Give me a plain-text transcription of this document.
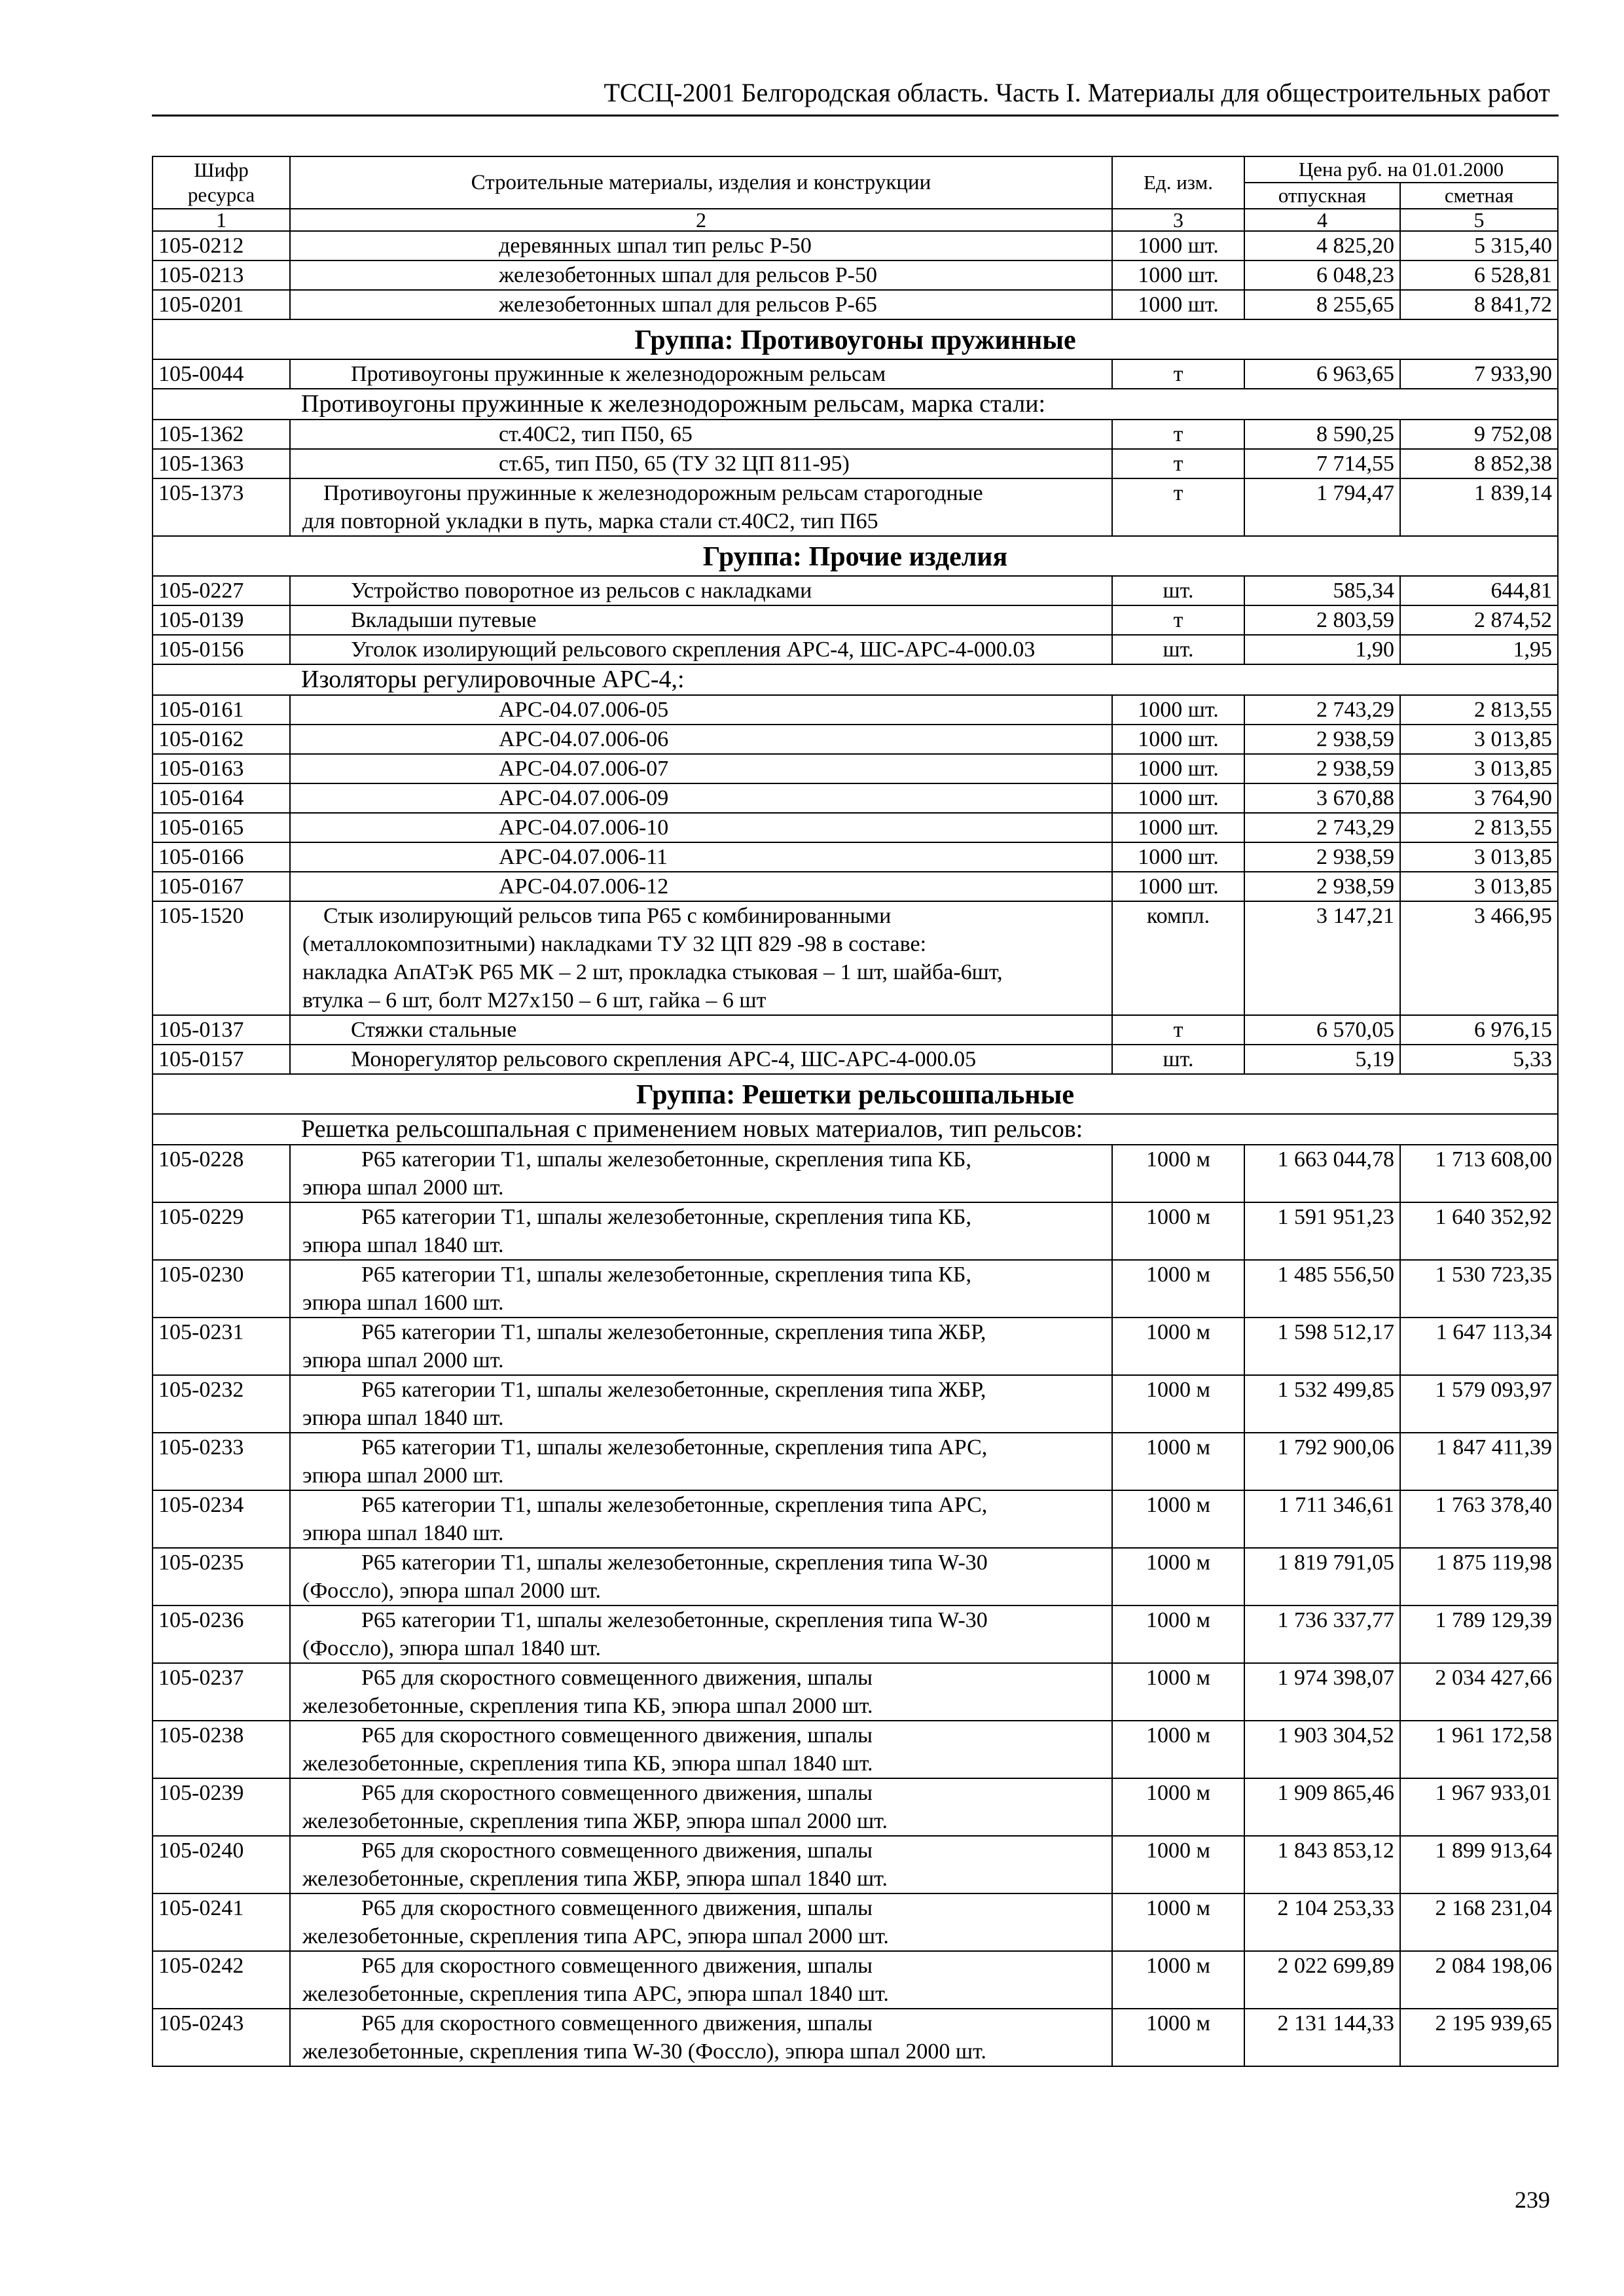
ТССЦ-2001 Белгородская область. Часть I. Материалы для общестроительных работ
Шифр ресурса	Строительные материалы, изделия и конструкции	Ед. изм.	Цена руб. на 01.01.2000	
			отпускная	сметная
1	2	3	4	5
105-0212	деревянных шпал тип рельс Р-50	1000 шт.	4 825,20	5 315,40
105-0213	железобетонных шпал для рельсов Р-50	1000 шт.	6 048,23	6 528,81
105-0201	железобетонных шпал для рельсов Р-65	1000 шт.	8 255,65	8 841,72
Группа: Противоугоны пружинные				
105-0044	Противоугоны пружинные к железнодорожным рельсам	т	6 963,65	7 933,90
Противоугоны пружинные к железнодорожным рельсам, марка стали:				
105-1362	ст.40С2, тип П50, 65	т	8 590,25	9 752,08
105-1363	ст.65, тип П50, 65 (ТУ 32 ЦП 811-95)	т	7 714,55	8 852,38
105-1373	Противоугоны пружинные к железнодорожным рельсам старогодные
для повторной укладки в путь, марка стали ст.40С2, тип П65	т	1 794,47	1 839,14
Группа: Прочие изделия				
105-0227	Устройство поворотное из рельсов с накладками	шт.	585,34	644,81
105-0139	Вкладыши путевые	т	2 803,59	2 874,52
105-0156	Уголок изолирующий рельсового скрепления АРС-4, ШС-АРС-4-000.03	шт.	1,90	1,95
Изоляторы регулировочные АРС-4,:				
105-0161	АРС-04.07.006-05	1000 шт.	2 743,29	2 813,55
105-0162	АРС-04.07.006-06	1000 шт.	2 938,59	3 013,85
105-0163	АРС-04.07.006-07	1000 шт.	2 938,59	3 013,85
105-0164	АРС-04.07.006-09	1000 шт.	3 670,88	3 764,90
105-0165	АРС-04.07.006-10	1000 шт.	2 743,29	2 813,55
105-0166	АРС-04.07.006-11	1000 шт.	2 938,59	3 013,85
105-0167	АРС-04.07.006-12	1000 шт.	2 938,59	3 013,85
105-1520	Стык изолирующий рельсов типа Р65 с комбинированными
(металлокомпозитными) накладками ТУ 32 ЦП 829 -98 в составе:
накладка АпАТэК Р65 МК – 2 шт, прокладка стыковая – 1 шт, шайба-6шт,
втулка – 6 шт, болт М27х150 – 6 шт, гайка – 6 шт	компл.	3 147,21	3 466,95
105-0137	Стяжки стальные	т	6 570,05	6 976,15
105-0157	Монорегулятор рельсового скрепления АРС-4, ШС-АРС-4-000.05	шт.	5,19	5,33
Группа: Решетки рельсошпальные				
Решетка рельсошпальная с применением новых материалов, тип рельсов:				
105-0228	Р65 категории Т1, шпалы железобетонные, скрепления типа КБ,
эпюра шпал 2000 шт.	1000 м	1 663 044,78	1 713 608,00
105-0229	Р65 категории Т1, шпалы железобетонные, скрепления типа КБ,
эпюра шпал 1840 шт.	1000 м	1 591 951,23	1 640 352,92
105-0230	Р65 категории Т1, шпалы железобетонные, скрепления типа КБ,
эпюра шпал 1600 шт.	1000 м	1 485 556,50	1 530 723,35
105-0231	Р65 категории Т1, шпалы железобетонные, скрепления типа ЖБР,
эпюра шпал 2000 шт.	1000 м	1 598 512,17	1 647 113,34
105-0232	Р65 категории Т1, шпалы железобетонные, скрепления типа ЖБР,
эпюра шпал 1840 шт.	1000 м	1 532 499,85	1 579 093,97
105-0233	Р65 категории Т1, шпалы железобетонные, скрепления типа АРС,
эпюра шпал 2000 шт.	1000 м	1 792 900,06	1 847 411,39
105-0234	Р65 категории Т1, шпалы железобетонные, скрепления типа АРС,
эпюра шпал 1840 шт.	1000 м	1 711 346,61	1 763 378,40
105-0235	Р65 категории Т1, шпалы железобетонные, скрепления типа W-30
(Фоссло), эпюра шпал 2000 шт.	1000 м	1 819 791,05	1 875 119,98
105-0236	Р65 категории Т1, шпалы железобетонные, скрепления типа W-30
(Фоссло), эпюра шпал 1840 шт.	1000 м	1 736 337,77	1 789 129,39
105-0237	Р65 для скоростного совмещенного движения, шпалы
железобетонные, скрепления типа КБ, эпюра шпал 2000 шт.	1000 м	1 974 398,07	2 034 427,66
105-0238	Р65 для скоростного совмещенного движения, шпалы
железобетонные, скрепления типа КБ, эпюра шпал 1840 шт.	1000 м	1 903 304,52	1 961 172,58
105-0239	Р65 для скоростного совмещенного движения, шпалы
железобетонные, скрепления типа ЖБР, эпюра шпал 2000 шт.	1000 м	1 909 865,46	1 967 933,01
105-0240	Р65 для скоростного совмещенного движения, шпалы
железобетонные, скрепления типа ЖБР, эпюра шпал 1840 шт.	1000 м	1 843 853,12	1 899 913,64
105-0241	Р65 для скоростного совмещенного движения, шпалы
железобетонные, скрепления типа АРС, эпюра шпал 2000 шт.	1000 м	2 104 253,33	2 168 231,04
105-0242	Р65 для скоростного совмещенного движения, шпалы
железобетонные, скрепления типа АРС, эпюра шпал 1840 шт.	1000 м	2 022 699,89	2 084 198,06
105-0243	Р65 для скоростного совмещенного движения, шпалы
железобетонные, скрепления типа W-30 (Фоссло), эпюра шпал 2000 шт.	1000 м	2 131 144,33	2 195 939,65
239
